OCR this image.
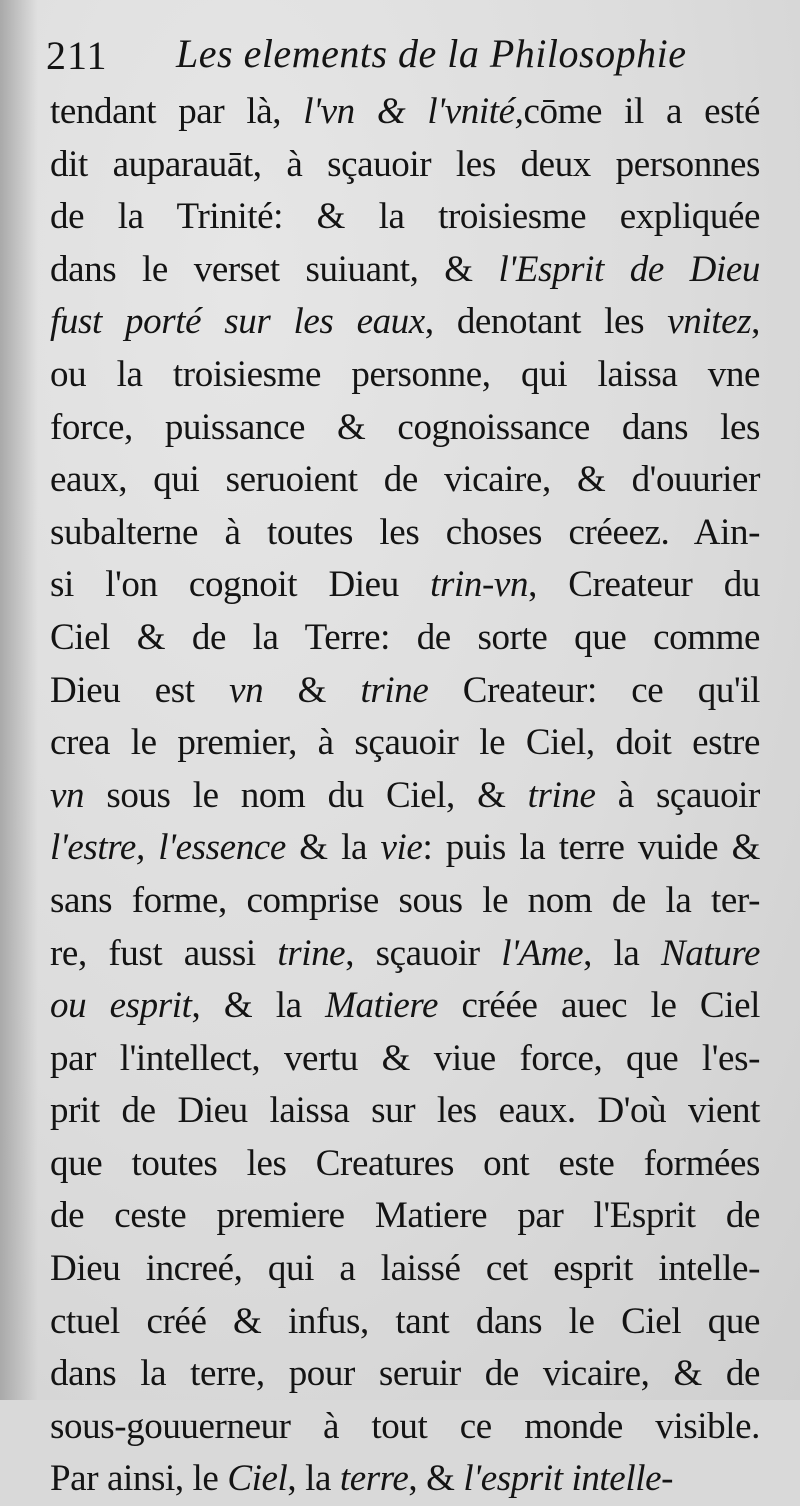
211 Les elements de la Philosophie
tendant par là, l'vn & l'vnité,cōme il a esté
dit auparauāt, à sçauoir les deux personnes
de la Trinité: & la troisiesme expliquée
dans le verset suiuant, & l'Esprit de Dieu
fust porté sur les eaux, denotant les vnitez,
ou la troisiesme personne, qui laissa vne
force, puissance & cognoissance dans les
eaux, qui seruoient de vicaire, & d'ouurier
subalterne à toutes les choses créeez. Ain-
si l'on cognoit Dieu trin-vn, Createur du
Ciel & de la Terre: de sorte que comme
Dieu est vn & trine Createur: ce qu'il
crea le premier, à sçauoir le Ciel, doit estre
vn sous le nom du Ciel, & trine à sçauoir
l'estre, l'essence & la vie: puis la terre vuide &
sans forme, comprise sous le nom de la ter-
re, fust aussi trine, sçauoir l'Ame, la Nature
ou esprit, & la Matiere créée auec le Ciel
par l'intellect, vertu & viue force, que l'es-
prit de Dieu laissa sur les eaux. D'où vient
que toutes les Creatures ont este formées
de ceste premiere Matiere par l'Esprit de
Dieu increé, qui a laissé cet esprit intelle-
ctuel créé & infus, tant dans le Ciel que
dans la terre, pour seruir de vicaire, & de
sous-gouuerneur à tout ce monde visible.
Par ainsi, le Ciel, la terre, & l'esprit intelle-
